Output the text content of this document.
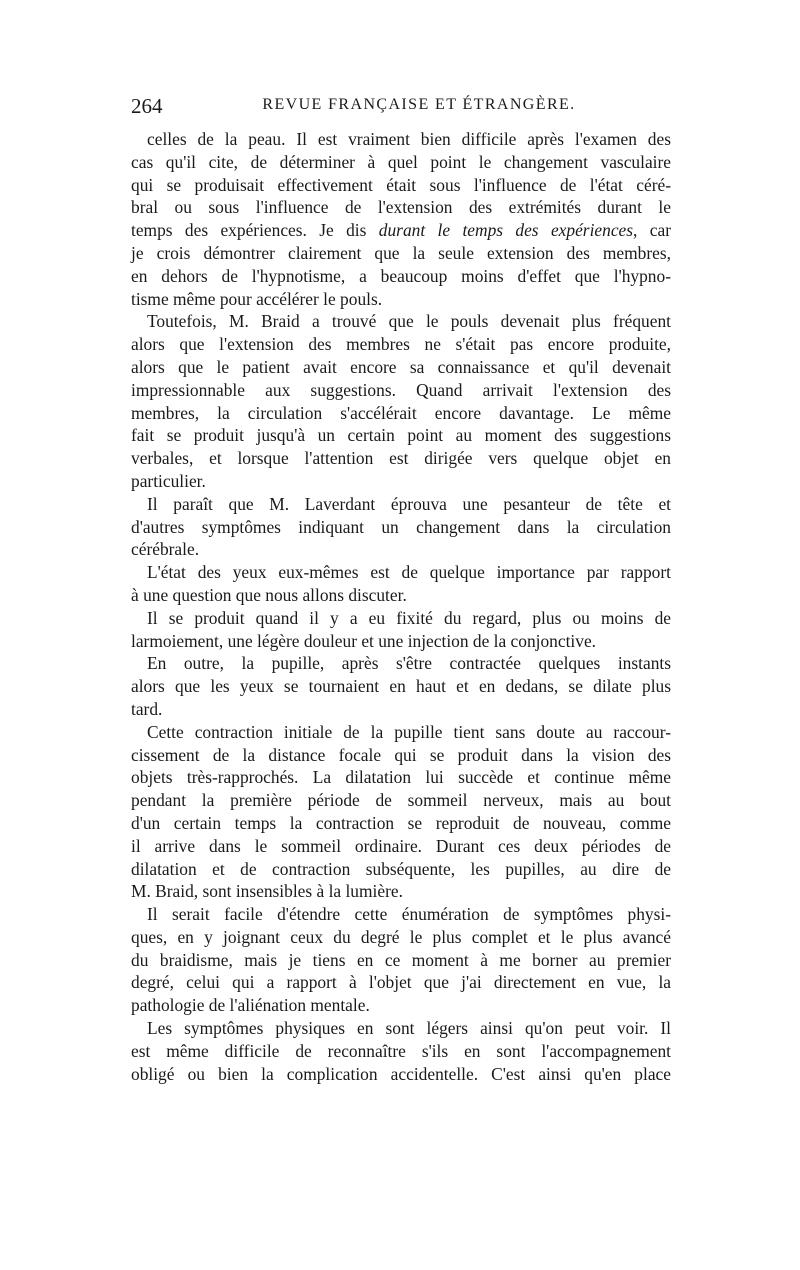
264	REVUE FRANÇAISE ET ÉTRANGÈRE.
celles de la peau. Il est vraiment bien difficile après l'examen des
cas qu'il cite, de déterminer à quel point le changement vasculaire
qui se produisait effectivement était sous l'influence de l'état céré-
bral ou sous l'influence de l'extension des extrémités durant le
temps des expériences. Je dis durant le temps des expériences, car
je crois démontrer clairement que la seule extension des membres,
en dehors de l'hypnotisme, a beaucoup moins d'effet que l'hypno-
tisme même pour accélérer le pouls.
Toutefois, M. Braid a trouvé que le pouls devenait plus fréquent
alors que l'extension des membres ne s'était pas encore produite,
alors que le patient avait encore sa connaissance et qu'il devenait
impressionnable aux suggestions. Quand arrivait l'extension des
membres, la circulation s'accélérait encore davantage. Le même
fait se produit jusqu'à un certain point au moment des suggestions
verbales, et lorsque l'attention est dirigée vers quelque objet en
particulier.
Il paraît que M. Laverdant éprouva une pesanteur de tête et
d'autres symptômes indiquant un changement dans la circulation
cérébrale.
L'état des yeux eux-mêmes est de quelque importance par rapport
à une question que nous allons discuter.
Il se produit quand il y a eu fixité du regard, plus ou moins de
larmoiement, une légère douleur et une injection de la conjonctive.
En outre, la pupille, après s'être contractée quelques instants
alors que les yeux se tournaient en haut et en dedans, se dilate plus
tard.
Cette contraction initiale de la pupille tient sans doute au raccour-
cissement de la distance focale qui se produit dans la vision des
objets très-rapprochés. La dilatation lui succède et continue même
pendant la première période de sommeil nerveux, mais au bout
d'un certain temps la contraction se reproduit de nouveau, comme
il arrive dans le sommeil ordinaire. Durant ces deux périodes de
dilatation et de contraction subséquente, les pupilles, au dire de
M. Braid, sont insensibles à la lumière.
Il serait facile d'étendre cette énumération de symptômes physi-
ques, en y joignant ceux du degré le plus complet et le plus avancé
du braidisme, mais je tiens en ce moment à me borner au premier
degré, celui qui a rapport à l'objet que j'ai directement en vue, la
pathologie de l'aliénation mentale.
Les symptômes physiques en sont légers ainsi qu'on peut voir. Il
est même difficile de reconnaître s'ils en sont l'accompagnement
obligé ou bien la complication accidentelle. C'est ainsi qu'en place
